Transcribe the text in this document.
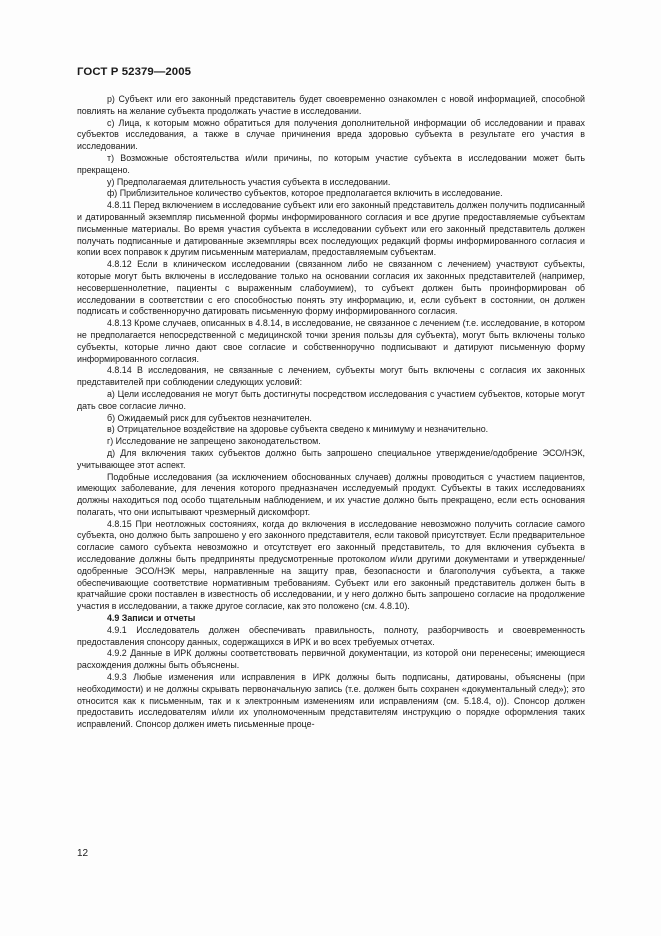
ГОСТ Р 52379—2005

р) Субъект или его законный представитель будет своевременно ознакомлен с новой информацией, способной повлиять на желание субъекта продолжать участие в исследовании.

с) Лица, к которым можно обратиться для получения дополнительной информации об исследовании и правах субъектов исследования, а также в случае причинения вреда здоровью субъекта в результате его участия в исследовании.

т) Возможные обстоятельства и/или причины, по которым участие субъекта в исследовании может быть прекращено.

у) Предполагаемая длительность участия субъекта в исследовании.

ф) Приблизительное количество субъектов, которое предполагается включить в исследование.

4.8.11 Перед включением в исследование субъект или его законный представитель должен получить подписанный и датированный экземпляр письменной формы информированного согласия и все другие предоставляемые субъектам письменные материалы. Во время участия субъекта в исследовании субъект или его законный представитель должен получать подписанные и датированные экземпляры всех последующих редакций формы информированного согласия и копии всех поправок к другим письменным материалам, предоставляемым субъектам.

4.8.12 Если в клиническом исследовании (связанном либо не связанном с лечением) участвуют субъекты, которые могут быть включены в исследование только на основании согласия их законных представителей (например, несовершеннолетние, пациенты с выраженным слабоумием), то субъект должен быть проинформирован об исследовании в соответствии с его способностью понять эту информацию, и, если субъект в состоянии, он должен подписать и собственноручно датировать письменную форму информированного согласия.

4.8.13 Кроме случаев, описанных в 4.8.14, в исследование, не связанное с лечением (т.е. исследование, в котором не предполагается непосредственной с медицинской точки зрения пользы для субъекта), могут быть включены только субъекты, которые лично дают свое согласие и собственноручно подписывают и датируют письменную форму информированного согласия.

4.8.14 В исследования, не связанные с лечением, субъекты могут быть включены с согласия их законных представителей при соблюдении следующих условий:

а) Цели исследования не могут быть достигнуты посредством исследования с участием субъектов, которые могут дать свое согласие лично.

б) Ожидаемый риск для субъектов незначителен.

в) Отрицательное воздействие на здоровье субъекта сведено к минимуму и незначительно.

г) Исследование не запрещено законодательством.

д) Для включения таких субъектов должно быть запрошено специальное утверждение/одобрение ЭСО/НЭК, учитывающее этот аспект.

Подобные исследования (за исключением обоснованных случаев) должны проводиться с участием пациентов, имеющих заболевание, для лечения которого предназначен исследуемый продукт. Субъекты в таких исследованиях должны находиться под особо тщательным наблюдением, и их участие должно быть прекращено, если есть основания полагать, что они испытывают чрезмерный дискомфорт.

4.8.15 При неотложных состояниях, когда до включения в исследование невозможно получить согласие самого субъекта, оно должно быть запрошено у его законного представителя, если таковой присутствует. Если предварительное согласие самого субъекта невозможно и отсутствует его законный представитель, то для включения субъекта в исследование должны быть предприняты предусмотренные протоколом и/или другими документами и утвержденные/одобренные ЭСО/НЭК меры, направленные на защиту прав, безопасности и благополучия субъекта, а также обеспечивающие соответствие нормативным требованиям. Субъект или его законный представитель должен быть в кратчайшие сроки поставлен в известность об исследовании, и у него должно быть запрошено согласие на продолжение участия в исследовании, а также другое согласие, как это положено (см. 4.8.10).

4.9 Записи и отчеты

4.9.1 Исследователь должен обеспечивать правильность, полноту, разборчивость и своевременность предоставления спонсору данных, содержащихся в ИРК и во всех требуемых отчетах.

4.9.2 Данные в ИРК должны соответствовать первичной документации, из которой они перенесены; имеющиеся расхождения должны быть объяснены.

4.9.3 Любые изменения или исправления в ИРК должны быть подписаны, датированы, объяснены (при необходимости) и не должны скрывать первоначальную запись (т.е. должен быть сохранен «документальный след»); это относится как к письменным, так и к электронным изменениям или исправлениям (см. 5.18.4, о)). Спонсор должен предоставить исследователям и/или их уполномоченным представителям инструкцию о порядке оформления таких исправлений. Спонсор должен иметь письменные проце-

12
